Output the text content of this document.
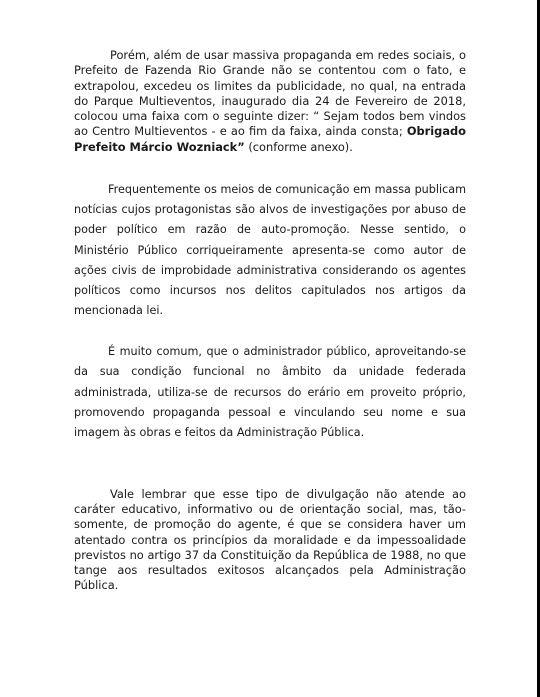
Porém, além de usar massiva propaganda em redes sociais, o Prefeito de Fazenda Rio Grande não se contentou com o fato, e extrapolou, excedeu os limites da publicidade, no qual, na entrada do Parque Multieventos, inaugurado dia 24 de Fevereiro de 2018, colocou uma faixa com o seguinte dizer: “ Sejam todos bem vindos ao Centro Multieventos - e ao fim da faixa, ainda consta; Obrigado Prefeito Márcio Wozniack” (conforme anexo).

Frequentemente os meios de comunicação em massa publicam notícias cujos protagonistas são alvos de investigações por abuso de poder político em razão de auto-promoção. Nesse sentido, o Ministério Público corriqueiramente apresenta-se como autor de ações civis de improbidade administrativa considerando os agentes políticos como incursos nos delitos capitulados nos artigos da mencionada lei.

É muito comum, que o administrador público, aproveitando-se da sua condição funcional no âmbito da unidade federada administrada, utiliza-se de recursos do erário em proveito próprio, promovendo propaganda pessoal e vinculando seu nome e sua imagem às obras e feitos da Administração Pública.

Vale lembrar que esse tipo de divulgação não atende ao caráter educativo, informativo ou de orientação social, mas, tão-somente, de promoção do agente, é que se considera haver um atentado contra os princípios da moralidade e da impessoalidade previstos no artigo 37 da Constituição da República de 1988, no que tange aos resultados exitosos alcançados pela Administração Pública.
